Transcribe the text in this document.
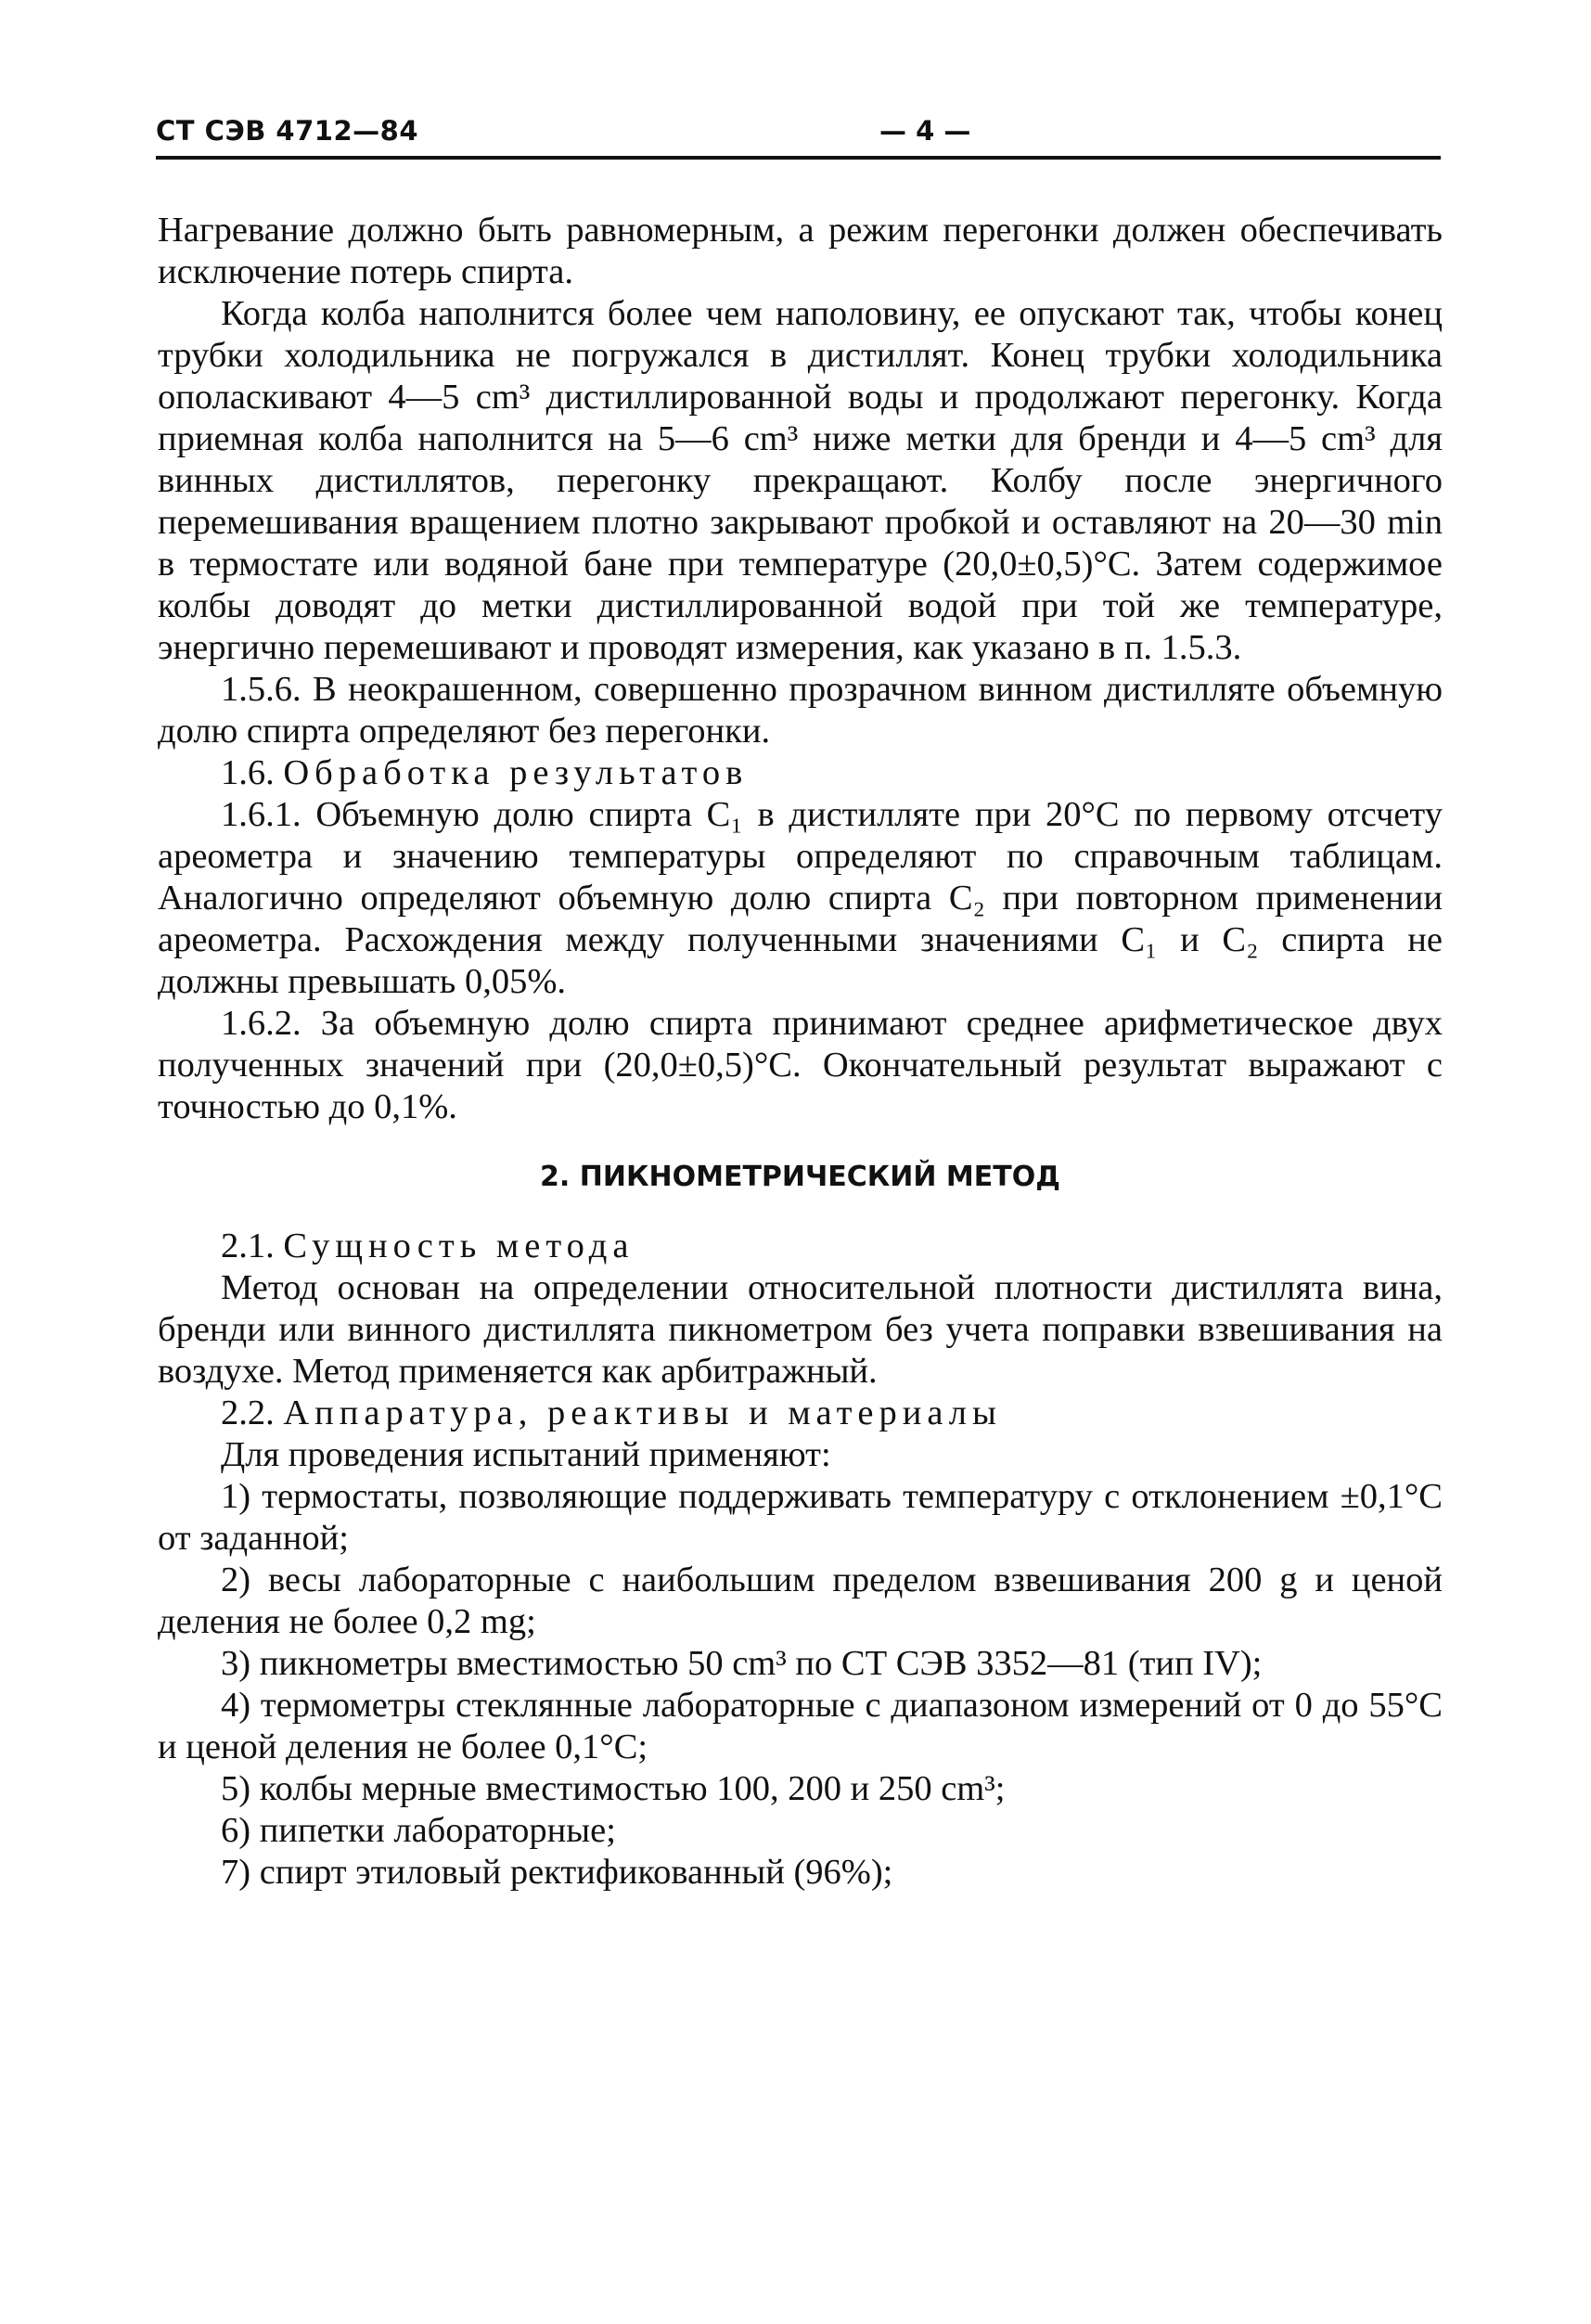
СТ СЭВ 4712—84	— 4 —

Нагревание должно быть равномерным, а режим перегонки должен обеспечивать исключение потерь спирта.

Когда колба наполнится более чем наполовину, ее опускают так, чтобы конец трубки холодильника не погружался в дистиллят. Конец трубки холодильника ополаскивают 4—5 cm³ дистиллированной воды и продолжают перегонку. Когда приемная колба наполнится на 5—6 cm³ ниже метки для бренди и 4—5 cm³ для винных дистиллятов, перегонку прекращают. Колбу после энергичного перемешивания вращением плотно закрывают пробкой и оставляют на 20—30 min в термостате или водяной бане при температуре (20,0±0,5)°С. Затем содержимое колбы доводят до метки дистиллированной водой при той же температуре, энергично перемешивают и проводят измерения, как указано в п. 1.5.3.

1.5.6. В неокрашенном, совершенно прозрачном винном дистилляте объемную долю спирта определяют без перегонки.

1.6. Обработка результатов

1.6.1. Объемную долю спирта C₁ в дистилляте при 20°С по первому отсчету ареометра и значению температуры определяют по справочным таблицам. Аналогично определяют объемную долю спирта C₂ при повторном применении ареометра. Расхождения между полученными значениями C₁ и C₂ спирта не должны превышать 0,05%.

1.6.2. За объемную долю спирта принимают среднее арифметическое двух полученных значений при (20,0±0,5)°С. Окончательный результат выражают с точностью до 0,1%.

2. ПИКНОМЕТРИЧЕСКИЙ МЕТОД

2.1. Сущность метода

Метод основан на определении относительной плотности дистиллята вина, бренди или винного дистиллята пикнометром без учета поправки взвешивания на воздухе. Метод применяется как арбитражный.

2.2. Аппаратура, реактивы и материалы

Для проведения испытаний применяют:

1) термостаты, позволяющие поддерживать температуру с отклонением ±0,1°С от заданной;

2) весы лабораторные с наибольшим пределом взвешивания 200 g и ценой деления не более 0,2 mg;

3) пикнометры вместимостью 50 cm³ по СТ СЭВ 3352—81 (тип IV);

4) термометры стеклянные лабораторные с диапазоном измерений от 0 до 55°С и ценой деления не более 0,1°С;

5) колбы мерные вместимостью 100, 200 и 250 cm³;

6) пипетки лабораторные;

7) спирт этиловый ректификованный (96%);
